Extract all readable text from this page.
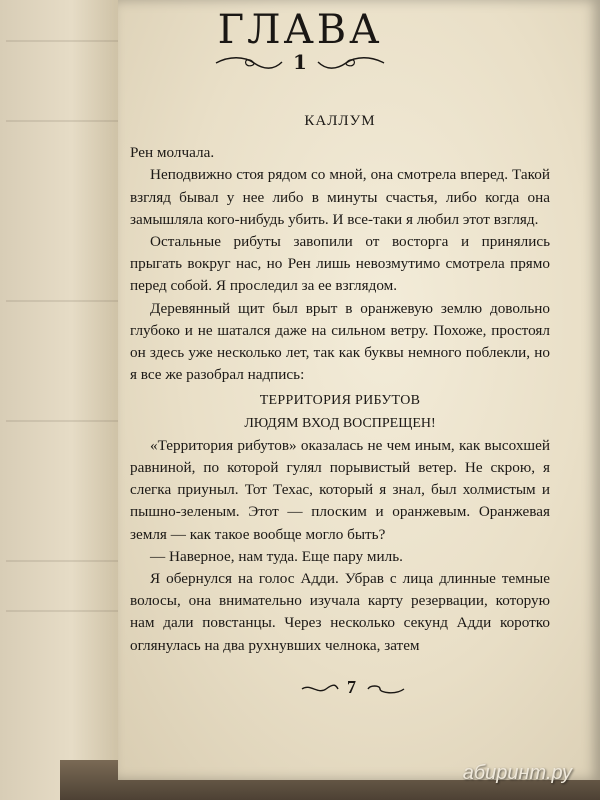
ГЛАВА
1
КАЛЛУМ

Рен молчала.

Неподвижно стоя рядом со мной, она смотрела вперед. Такой взгляд бывал у нее либо в минуты счастья, либо когда она замышляла кого-нибудь убить. И все-таки я любил этот взгляд.

Остальные рибуты завопили от восторга и принялись прыгать вокруг нас, но Рен лишь невозмутимо смотрела прямо перед собой. Я проследил за ее взглядом.

Деревянный щит был врыт в оранжевую землю довольно глубоко и не шатался даже на сильном ветру. Похоже, простоял он здесь уже несколько лет, так как буквы немного поблекли, но я все же разобрал надпись:

ТЕРРИТОРИЯ РИБУТОВ

ЛЮДЯМ ВХОД ВОСПРЕЩЕН!

«Территория рибутов» оказалась не чем иным, как высохшей равниной, по которой гулял порывистый ветер. Не скрою, я слегка приуныл. Тот Техас, который я знал, был холмистым и пышно-зеленым. Этот — плоским и оранжевым. Оранжевая земля — как такое вообще могло быть?

— Наверное, нам туда. Еще пару миль.

Я обернулся на голос Адди. Убрав с лица длинные темные волосы, она внимательно изучала карту резервации, которую нам дали повстанцы. Через несколько секунд Адди коротко оглянулась на два рухнувших челнока, затем

7
абиринт.ру
